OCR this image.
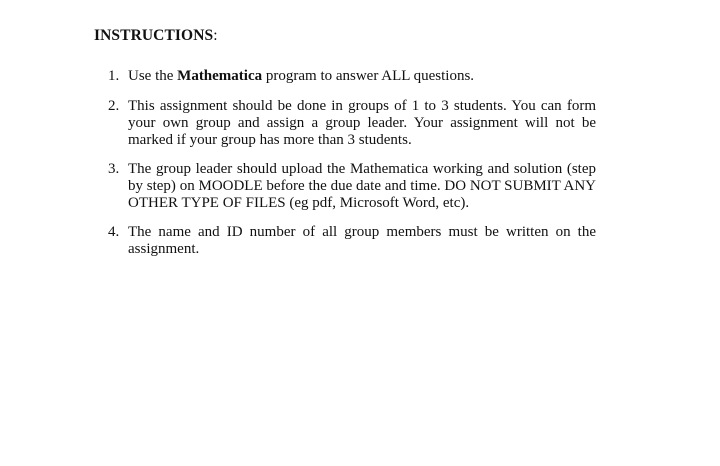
INSTRUCTIONS:
1. Use the Mathematica program to answer ALL questions.
2. This assignment should be done in groups of 1 to 3 students. You can form your own group and assign a group leader. Your assignment will not be marked if your group has more than 3 students.
3. The group leader should upload the Mathematica working and solution (step by step) on MOODLE before the due date and time. DO NOT SUBMIT ANY OTHER TYPE OF FILES (eg pdf, Microsoft Word, etc).
4. The name and ID number of all group members must be written on the assignment.
